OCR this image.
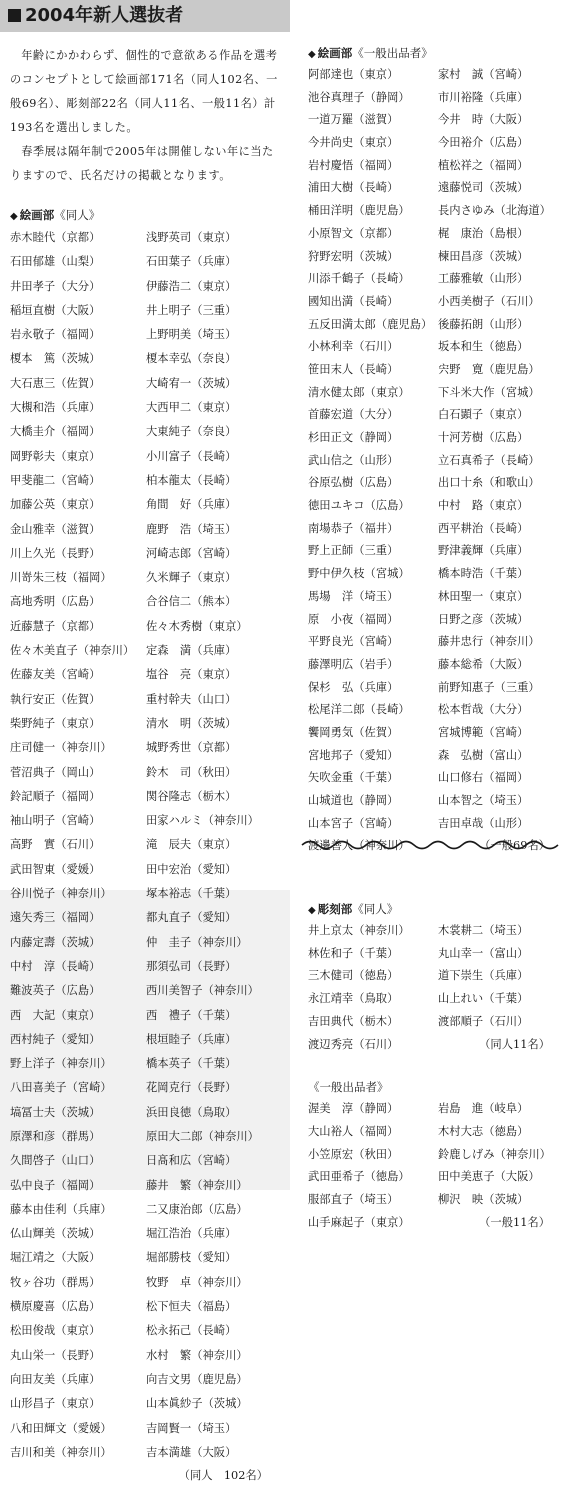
2004年新人選抜者

年齢にかかわらず、個性的で意欲ある作品を選考のコンセプトとして絵画部171名（同人102名、一般69名）、彫刻部22名（同人11名、一般11名）計193名を選出しました。

春季展は隔年制で2005年は開催しない年に当たりますので、氏名だけの掲載となります。

◆ 絵画部《同人》
赤木睦代（京都）	浅野英司（東京）
石田郁雄（山梨）	石田葉子（兵庫）
井田孝子（大分）	伊藤浩二（東京）
稲垣直樹（大阪）	井上明子（三重）
岩永敬子（福岡）	上野明美（埼玉）
榎本　篤（茨城）	榎本幸弘（奈良）
大石恵三（佐賀）	大崎宥一（茨城）
大槻和浩（兵庫）	大西甲二（東京）
大橋圭介（福岡）	大東純子（奈良）
岡野彰夫（東京）	小川富子（長崎）
甲斐龍二（宮崎）	柏本龍太（長崎）
加藤公英（東京）	角間　好（兵庫）
金山雅幸（滋賀）	鹿野　浩（埼玉）
川上久光（長野）	河崎志郎（宮崎）
川嵜朱三枝（福岡）	久米輝子（東京）
高地秀明（広島）	合谷信二（熊本）
近藤慧子（京都）	佐々木秀樹（東京）
佐々木美直子（神奈川）	定森　満（兵庫）
佐藤友美（宮崎）	塩谷　亮（東京）
執行安正（佐賀）	重村幹夫（山口）
柴野純子（東京）	清水　明（茨城）
庄司健一（神奈川）	城野秀世（京都）
菅沼典子（岡山）	鈴木　司（秋田）
鈴記順子（福岡）	関谷隆志（栃木）
袖山明子（宮崎）	田家ハルミ（神奈川）
高野　實（石川）	滝　辰夫（東京）
武田智東（愛媛）	田中宏治（愛知）
谷川悦子（神奈川）	塚本裕志（千葉）
遠矢秀三（福岡）	都丸直子（愛知）
内藤定壽（茨城）	仲　圭子（神奈川）
中村　淳（長崎）	那須弘司（長野）
難波英子（広島）	西川美智子（神奈川）
西　大記（東京）	西　禮子（千葉）
西村純子（愛知）	根垣睦子（兵庫）
野上洋子（神奈川）	橋本英子（千葉）
八田喜美子（宮崎）	花岡克行（長野）
塙冨士夫（茨城）	浜田良徳（鳥取）
原澤和彦（群馬）	原田大二郎（神奈川）
久間啓子（山口）	日髙和広（宮崎）
弘中良子（福岡）	藤井　繁（神奈川）
藤本由佳利（兵庫）	二又康治郎（広島）
仏山輝美（茨城）	堀江浩治（兵庫）
堀江靖之（大阪）	堀部勝枝（愛知）
牧ヶ谷功（群馬）	牧野　卓（神奈川）
横原慶喜（広島）	松下恒夫（福島）
松田俊哉（東京）	松永拓己（長崎）
丸山栄一（長野）	水村　繁（神奈川）
向田友美（兵庫）	向吉文男（鹿児島）
山形昌子（東京）	山本眞紗子（茨城）
八和田輝文（愛媛）	吉岡賢一（埼玉）
吉川和美（神奈川）	吉本満雄（大阪）
（同人　102名）
◆ 絵画部《一般出品者》
阿部達也（東京）	家村　誠（宮崎）
池谷真理子（静岡）	市川裕隆（兵庫）
一道万羅（滋賀）	今井　時（大阪）
今井尚史（東京）	今田裕介（広島）
岩村慶悟（福岡）	植松祥之（福岡）
浦田大樹（長崎）	遠藤悦司（茨城）
桶田洋明（鹿児島）	長内さゆみ（北海道）
小原智文（京都）	梶　康治（島根）
狩野宏明（茨城）	楝田昌彦（茨城）
川添千鶴子（長崎）	工藤雅敏（山形）
國知出満（長崎）	小西美樹子（石川）
五反田満太郎（鹿児島） 後藤拓朗（山形）
小林利幸（石川）	坂本和生（徳島）
笹田末人（長崎）	宍野　寛（鹿児島）
清水健太郎（東京）	下斗米大作（宮城）
首藤宏道（大分）	白石顕子（東京）
杉田正文（静岡）	十河芳樹（広島）
武山信之（山形）	立石真希子（長崎）
谷原弘樹（広島）	出口十糸（和歌山）
徳田ユキコ（広島）	中村　路（東京）
南場恭子（福井）	西平耕治（長崎）
野上正師（三重）	野津義輝（兵庫）
野中伊久枝（宮城）	橋本時浩（千葉）
馬場　洋（埼玉）	林田聖一（東京）
原　小夜（福岡）	日野之彦（茨城）
平野良光（宮崎）	藤井忠行（神奈川）
藤澤明広（岩手）	藤本総希（大阪）
保杉　弘（兵庫）	前野知惠子（三重）
松尾洋二郎（長崎）	松本哲哉（大分）
饗岡勇気（佐賀）	宮城博範（宮崎）
宮地邦子（愛知）	森　弘樹（富山）
矢吹金重（千葉）	山口修右（福岡）
山城道也（静岡）	山本智之（埼玉）
山本宮子（宮崎）	吉田卓哉（山形）
渡邊善人（神奈川）	（一般69名）
◆ 彫刻部《同人》
井上京太（神奈川）	木裳耕二（埼玉）
林佐和子（千葉）	丸山幸一（富山）
三木健司（徳島）	道下崇生（兵庫）
永江靖幸（鳥取）	山上れい（千葉）
吉田典代（栃木）	渡部順子（石川）
渡辺秀亮（石川）	（同人11名）
《一般出品者》
渥美　淳（静岡）	岩島　進（岐阜）
大山裕人（福岡）	木村大志（徳島）
小笠原宏（秋田）	鈴鹿しげみ（神奈川）
武田亜希子（徳島）	田中美恵子（大阪）
服部直子（埼玉）	柳沢　映（茨城）
山手麻起子（東京）	（一般11名）
